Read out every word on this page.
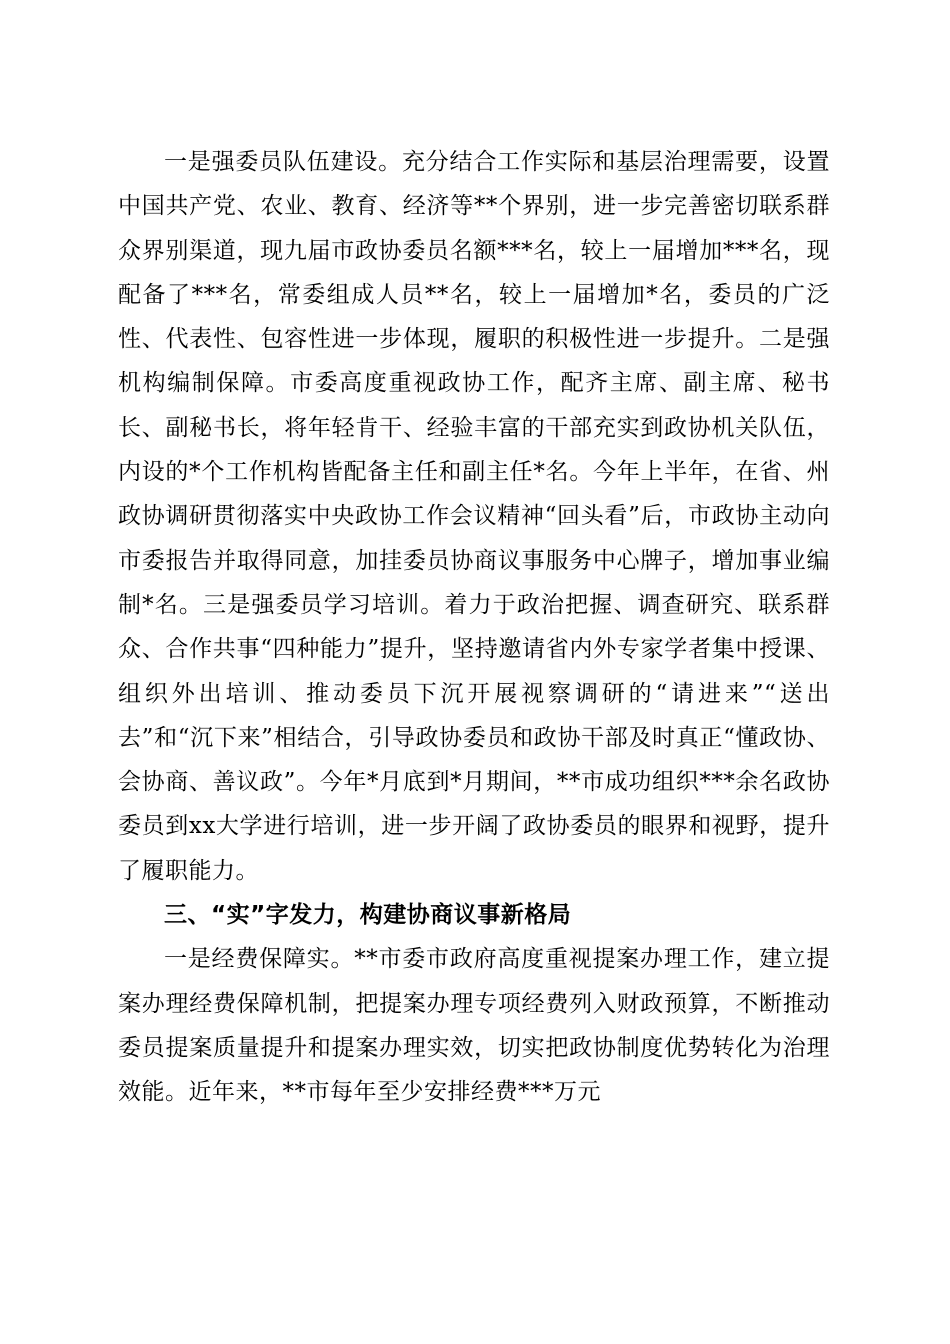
一是强委员队伍建设。充分结合工作实际和基层治理需要，设置中国共产党、农业、教育、经济等**个界别，进一步完善密切联系群众界别渠道，现九届市政协委员名额***名，较上一届增加***名，现配备了***名，常委组成人员**名，较上一届增加*名，委员的广泛性、代表性、包容性进一步体现，履职的积极性进一步提升。二是强机构编制保障。市委高度重视政协工作，配齐主席、副主席、秘书长、副秘书长，将年轻肯干、经验丰富的干部充实到政协机关队伍，内设的*个工作机构皆配备主任和副主任*名。今年上半年，在省、州政协调研贯彻落实中央政协工作会议精神“回头看”后，市政协主动向市委报告并取得同意，加挂委员协商议事服务中心牌子，增加事业编制*名。三是强委员学习培训。着力于政治把握、调查研究、联系群众、合作共事“四种能力”提升，坚持邀请省内外专家学者集中授课、组织外出培训、推动委员下沉开展视察调研的“请进来”“送出去”和“沉下来”相结合，引导政协委员和政协干部及时真正“懂政协、会协商、善议政”。今年*月底到*月期间，**市成功组织***余名政协委员到xx大学进行培训，进一步开阔了政协委员的眼界和视野，提升了履职能力。

三、“实”字发力，构建协商议事新格局

一是经费保障实。**市委市政府高度重视提案办理工作，建立提案办理经费保障机制，把提案办理专项经费列入财政预算，不断推动委员提案质量提升和提案办理实效，切实把政协制度优势转化为治理效能。近年来，**市每年至少安排经费***万元
